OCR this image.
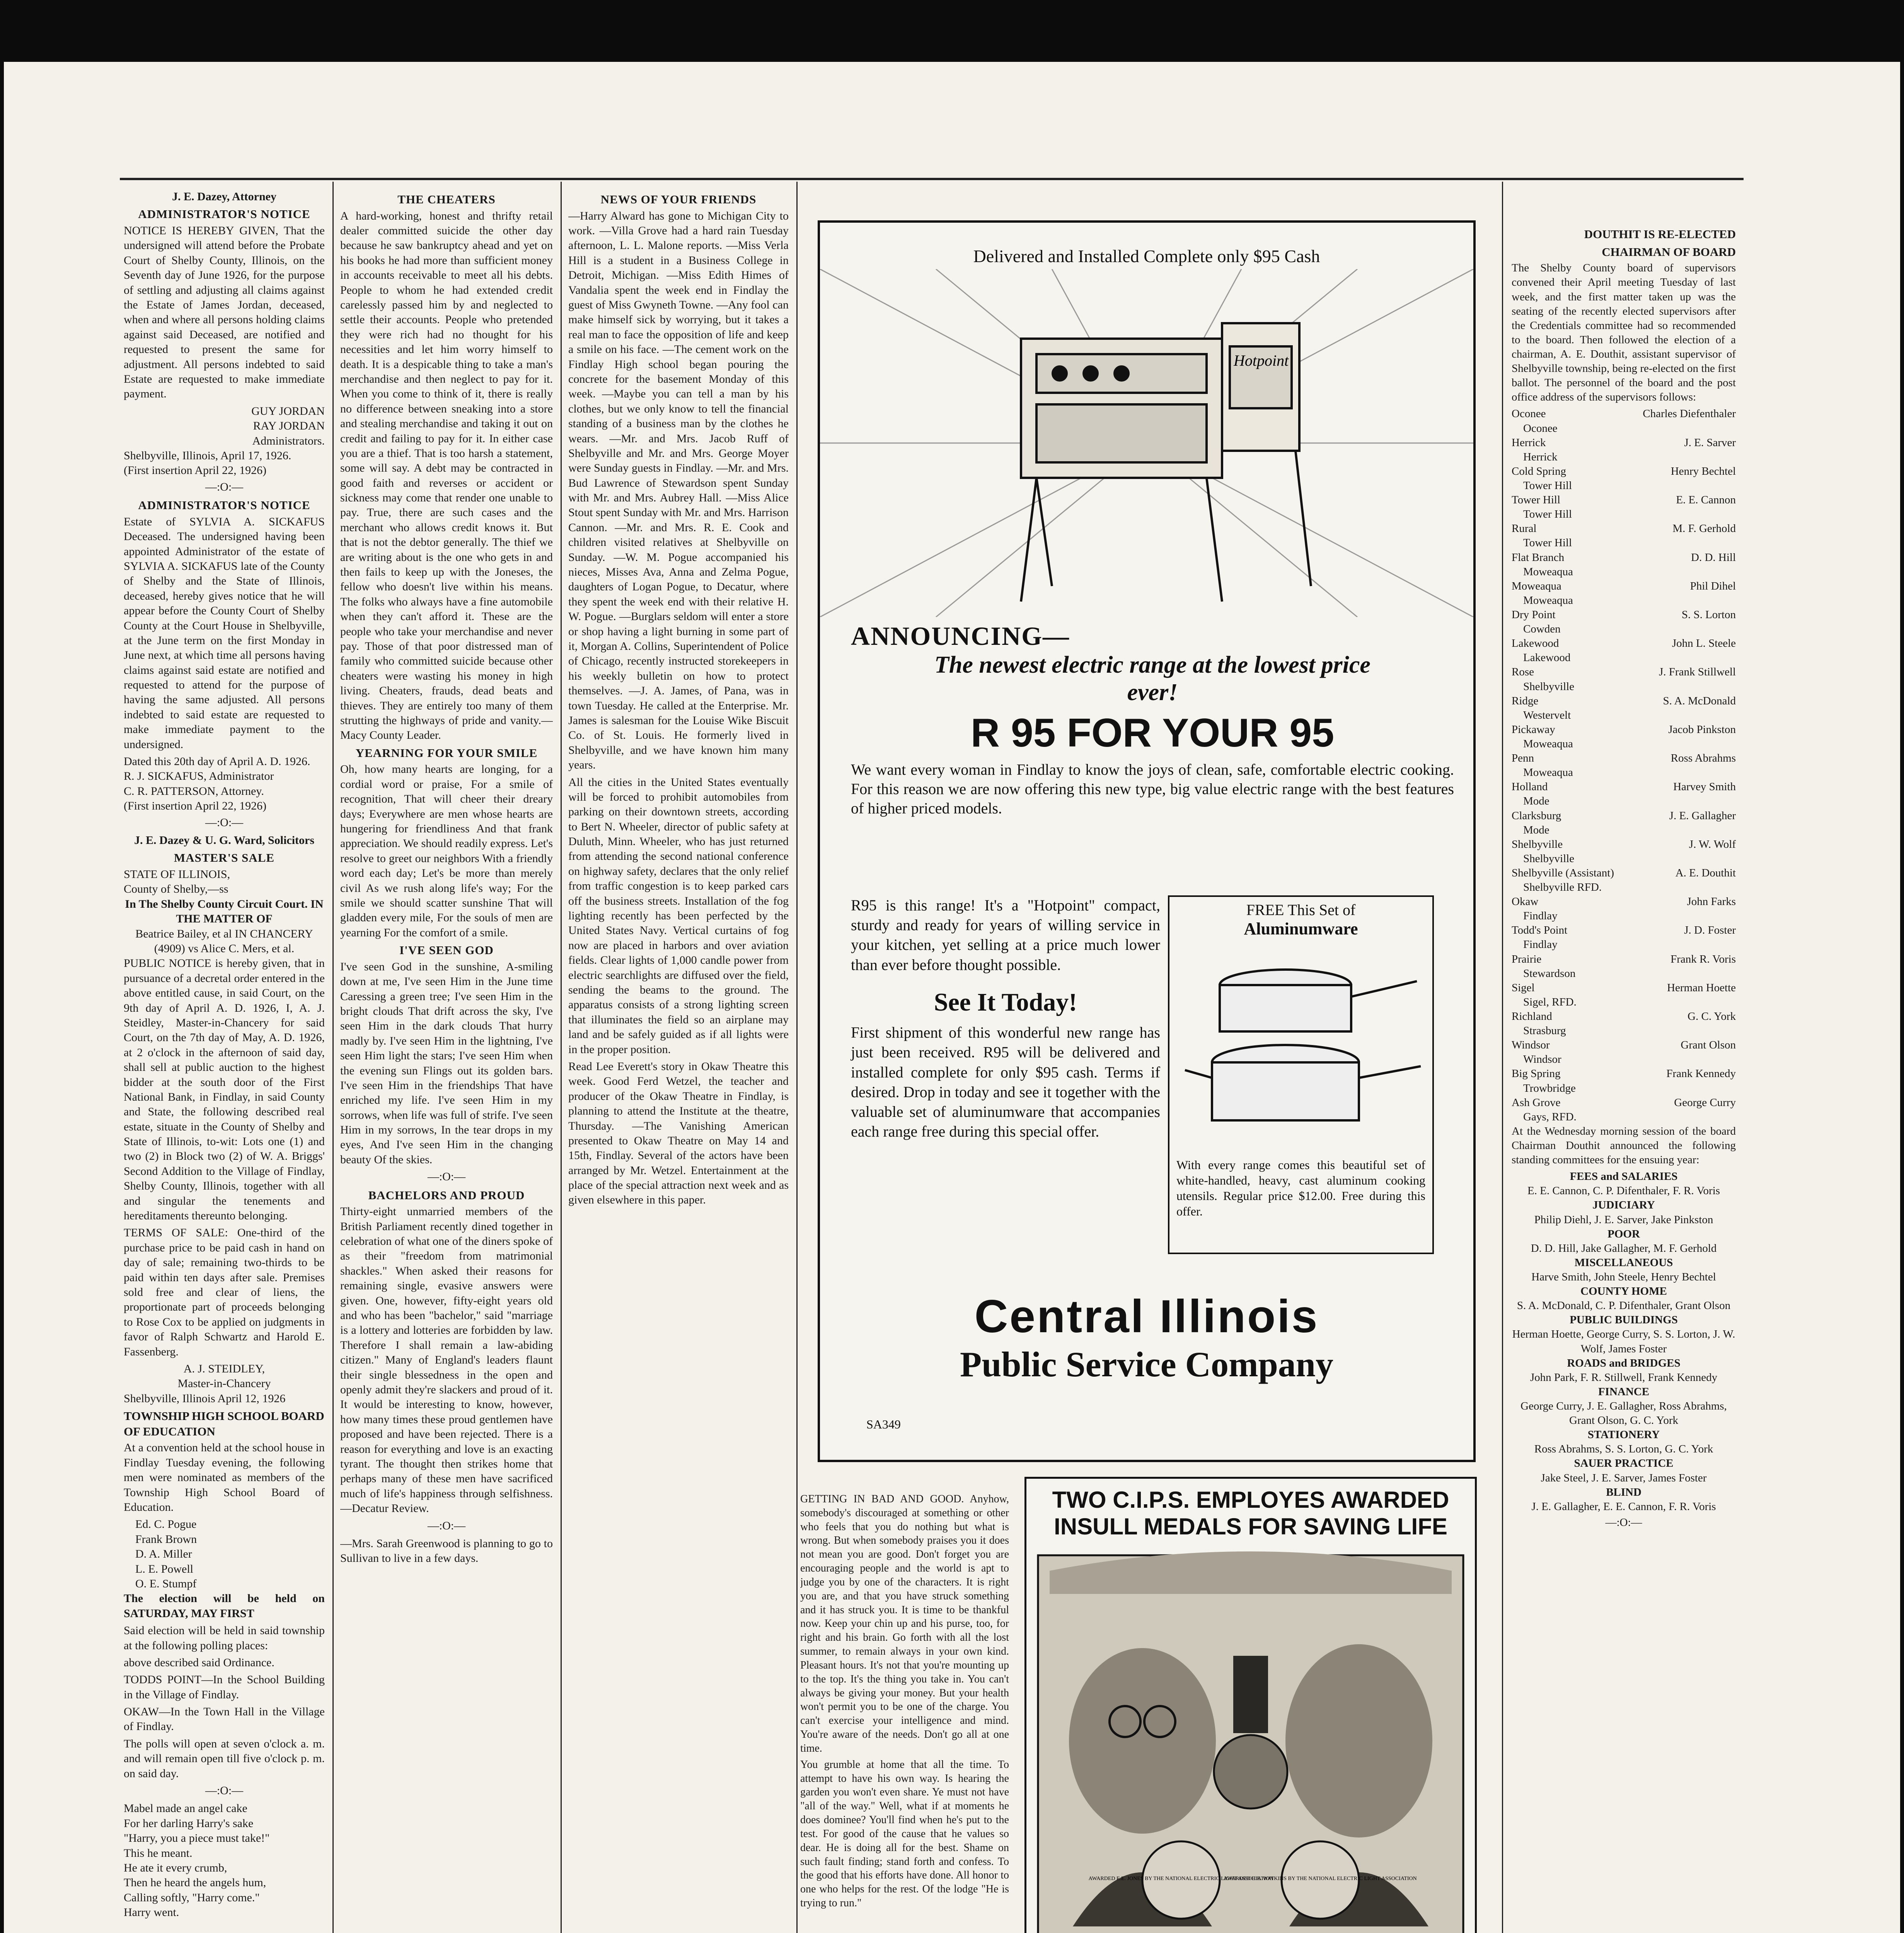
J. E. Dazey, Attorney
ADMINISTRATOR'S NOTICE

NOTICE IS HEREBY GIVEN, That the undersigned will attend before the Probate Court of Shelby County, Illinois, on the Seventh day of June 1926, for the purpose of settling and adjusting all claims against the Estate of James Jordan, deceased, when and where all persons holding claims against said Deceased, are notified and requested to present the same for adjustment. All persons indebted to said Estate are requested to make immediate payment.

GUY JORDAN
RAY JORDAN
Administrators.
Shelbyville, Illinois, April 17, 1926.
(First insertion April 22, 1926)
—:O:—
ADMINISTRATOR'S NOTICE

Estate of SYLVIA A. SICKAFUS Deceased. The undersigned having been appointed Administrator of the estate of SYLVIA A. SICKAFUS late of the County of Shelby and the State of Illinois, deceased, hereby gives notice that he will appear before the County Court of Shelby County at the Court House in Shelbyville, at the June term on the first Monday in June next, at which time all persons having claims against said estate are notified and requested to attend for the purpose of having the same adjusted. All persons indebted to said estate are requested to make immediate payment to the undersigned.

Dated this 20th day of April A. D. 1926.
R. J. SICKAFUS, Administrator
C. R. PATTERSON, Attorney.
(First insertion April 22, 1926)
—:O:—
J. E. Dazey & U. G. Ward, Solicitors
MASTER'S SALE
STATE OF ILLINOIS,
County of Shelby,—ss
In The Shelby County Circuit Court. IN THE MATTER OF
Beatrice Bailey, et al IN CHANCERY (4909) vs Alice C. Mers, et al.

PUBLIC NOTICE is hereby given, that in pursuance of a decretal order entered in the above entitled cause, in said Court, on the 9th day of April A. D. 1926, I, A. J. Steidley, Master-in-Chancery for said Court, on the 7th day of May, A. D. 1926, at 2 o'clock in the afternoon of said day, shall sell at public auction to the highest bidder at the south door of the First National Bank, in Findlay, in said County and State, the following described real estate, situate in the County of Shelby and State of Illinois, to-wit: Lots one (1) and two (2) in Block two (2) of W. A. Briggs' Second Addition to the Village of Findlay, Shelby County, Illinois, together with all and singular the tenements and hereditaments thereunto belonging.

TERMS OF SALE: One-third of the purchase price to be paid cash in hand on day of sale; remaining two-thirds to be paid within ten days after sale. Premises sold free and clear of liens, the proportionate part of proceeds belonging to Rose Cox to be applied on judgments in favor of Ralph Schwartz and Harold E. Fassenberg.

A. J. STEIDLEY,
Master-in-Chancery
Shelbyville, Illinois April 12, 1926
TOWNSHIP HIGH SCHOOL BOARD OF EDUCATION

At a convention held at the school house in Findlay Tuesday evening, the following men were nominated as members of the Township High School Board of Education.

Ed. C. Pogue
Frank Brown
D. A. Miller
L. E. Powell
O. E. Stumpf

The election will be held on SATURDAY, MAY FIRST

Said election will be held in said township at the following polling places:

above described said Ordinance.

TODDS POINT—In the School Building in the Village of Findlay.

OKAW—In the Town Hall in the Village of Findlay.

The polls will open at seven o'clock a. m. and will remain open till five o'clock p. m. on said day.

—:O:—
Mabel made an angel cake
For her darling Harry's sake
"Harry, you a piece must take!"
This he meant.
He ate it every crumb,
Then he heard the angels hum,
Calling softly, "Harry come."
Harry went.
THE CHEATERS

A hard-working, honest and thrifty retail dealer committed suicide the other day because he saw bankruptcy ahead and yet on his books he had more than sufficient money in accounts receivable to meet all his debts. People to whom he had extended credit carelessly passed him by and neglected to settle their accounts. People who pretended they were rich had no thought for his necessities and let him worry himself to death. It is a despicable thing to take a man's merchandise and then neglect to pay for it. When you come to think of it, there is really no difference between sneaking into a store and stealing merchandise and taking it out on credit and failing to pay for it. In either case you are a thief. That is too harsh a statement, some will say. A debt may be contracted in good faith and reverses or accident or sickness may come that render one unable to pay. True, there are such cases and the merchant who allows credit knows it. But that is not the debtor generally. The thief we are writing about is the one who gets in and then fails to keep up with the Joneses, the fellow who doesn't live within his means. The folks who always have a fine automobile when they can't afford it. These are the people who take your merchandise and never pay. Those of that poor distressed man of family who committed suicide because other cheaters were wasting his money in high living. Cheaters, frauds, dead beats and thieves. They are entirely too many of them strutting the highways of pride and vanity.—Macy County Leader.

YEARNING FOR YOUR SMILE

Oh, how many hearts are longing, for a cordial word or praise, For a smile of recognition, That will cheer their dreary days; Everywhere are men whose hearts are hungering for friendliness And that frank appreciation. We should readily express. Let's resolve to greet our neighbors With a friendly word each day; Let's be more than merely civil As we rush along life's way; For the smile we should scatter sunshine That will gladden every mile, For the souls of men are yearning For the comfort of a smile.

I'VE SEEN GOD

I've seen God in the sunshine, A-smiling down at me, I've seen Him in the June time Caressing a green tree; I've seen Him in the bright clouds That drift across the sky, I've seen Him in the dark clouds That hurry madly by. I've seen Him in the lightning, I've seen Him light the stars; I've seen Him when the evening sun Flings out its golden bars. I've seen Him in the friendships That have enriched my life. I've seen Him in my sorrows, when life was full of strife. I've seen Him in my sorrows, In the tear drops in my eyes, And I've seen Him in the changing beauty Of the skies.

—:O:—
BACHELORS AND PROUD

Thirty-eight unmarried members of the British Parliament recently dined together in celebration of what one of the diners spoke of as their "freedom from matrimonial shackles." When asked their reasons for remaining single, evasive answers were given. One, however, fifty-eight years old and who has been "bachelor," said "marriage is a lottery and lotteries are forbidden by law. Therefore I shall remain a law-abiding citizen." Many of England's leaders flaunt their single blessedness in the open and openly admit they're slackers and proud of it. It would be interesting to know, however, how many times these proud gentlemen have proposed and have been rejected. There is a reason for everything and love is an exacting tyrant. The thought then strikes home that perhaps many of these men have sacrificed much of life's happiness through selfishness.—Decatur Review.

—:O:—

—Mrs. Sarah Greenwood is planning to go to Sullivan to live in a few days.

NEWS OF YOUR FRIENDS

—Harry Alward has gone to Michigan City to work. —Villa Grove had a hard rain Tuesday afternoon, L. L. Malone reports. —Miss Verla Hill is a student in a Business College in Detroit, Michigan. —Miss Edith Himes of Vandalia spent the week end in Findlay the guest of Miss Gwyneth Towne. —Any fool can make himself sick by worrying, but it takes a real man to face the opposition of life and keep a smile on his face. —The cement work on the Findlay High school began pouring the concrete for the basement Monday of this week. —Maybe you can tell a man by his clothes, but we only know to tell the financial standing of a business man by the clothes he wears. —Mr. and Mrs. Jacob Ruff of Shelbyville and Mr. and Mrs. George Moyer were Sunday guests in Findlay. —Mr. and Mrs. Bud Lawrence of Stewardson spent Sunday with Mr. and Mrs. Aubrey Hall. —Miss Alice Stout spent Sunday with Mr. and Mrs. Harrison Cannon. —Mr. and Mrs. R. E. Cook and children visited relatives at Shelbyville on Sunday. —W. M. Pogue accompanied his nieces, Misses Ava, Anna and Zelma Pogue, daughters of Logan Pogue, to Decatur, where they spent the week end with their relative H. W. Pogue. —Burglars seldom will enter a store or shop having a light burning in some part of it, Morgan A. Collins, Superintendent of Police of Chicago, recently instructed storekeepers in his weekly bulletin on how to protect themselves. —J. A. James, of Pana, was in town Tuesday. He called at the Enterprise. Mr. James is salesman for the Louise Wike Biscuit Co. of St. Louis. He formerly lived in Shelbyville, and we have known him many years.

All the cities in the United States eventually will be forced to prohibit automobiles from parking on their downtown streets, according to Bert N. Wheeler, director of public safety at Duluth, Minn. Wheeler, who has just returned from attending the second national conference on highway safety, declares that the only relief from traffic congestion is to keep parked cars off the business streets. Installation of the fog lighting recently has been perfected by the United States Navy. Vertical curtains of fog now are placed in harbors and over aviation fields. Clear lights of 1,000 candle power from electric searchlights are diffused over the field, sending the beams to the ground. The apparatus consists of a strong lighting screen that illuminates the field so an airplane may land and be safely guided as if all lights were in the proper position.

Read Lee Everett's story in Okaw Theatre this week. Good Ferd Wetzel, the teacher and producer of the Okaw Theatre in Findlay, is planning to attend the Institute at the theatre, Thursday. —The Vanishing American presented to Okaw Theatre on May 14 and 15th, Findlay. Several of the actors have been arranged by Mr. Wetzel. Entertainment at the place of the special attraction next week and as given elsewhere in this paper.

Delivered and Installed Complete only $95 Cash
Hotpoint
ANNOUNCING—
The newest electric range at the lowest price
ever!
R 95 FOR YOUR 95

We want every woman in Findlay to know the joys of clean, safe, comfortable electric cooking. For this reason we are now offering this new type, big value electric range with the best features of higher priced models.

R95 is this range! It's a "Hotpoint" compact, sturdy and ready for years of willing service in your kitchen, yet selling at a price much lower than ever before thought possible.

See It Today!

First shipment of this wonderful new range has just been received. R95 will be delivered and installed complete for only $95 cash. Terms if desired. Drop in today and see it together with the valuable set of aluminumware that accompanies each range free during this special offer.

FREE This Set of
Aluminumware

With every range comes this beautiful set of white-handled, heavy, cast aluminum cooking utensils. Regular price $12.00. Free during this offer.

Central Illinois
Public Service Company
SA349

GETTING IN BAD AND GOOD. Anyhow, somebody's discouraged at something or other who feels that you do nothing but what is wrong. But when somebody praises you it does not mean you are good. Don't forget you are encouraging people and the world is apt to judge you by one of the characters. It is right you are, and that you have struck something and it has struck you. It is time to be thankful now. Keep your chin up and his purse, too, for right and his brain. Go forth with all the lost summer, to remain always in your own kind. Pleasant hours. It's not that you're mounting up to the top. It's the thing you take in. You can't always be giving your money. But your health won't permit you to be one of the charge. You can't exercise your intelligence and mind. You're aware of the needs. Don't go all at one time.

You grumble at home that all the time. To attempt to have his own way. Is hearing the garden you won't even share. Ye must not have "all of the way." Well, what if at moments he does dominee? You'll find when he's put to the test. For good of the cause that he values so dear. He is doing all for the best. Shame on such fault finding; stand forth and confess. To the good that his efforts have done. All honor to one who helps for the rest. Of the lodge "He is trying to run."

TWO C.I.P.S. EMPLOYES AWARDED
INSULL MEDALS FOR SAVING LIFE
AWARDED E.E. JONES BY THE NATIONAL ELECTRIC LIGHT ASSOCIATION
AWARDED H.E. WATKINS BY THE NATIONAL ELECTRIC LIGHT ASSOCIATION

DOUTHIT IS RE-ELECTED
CHAIRMAN OF BOARD

The Shelby County board of supervisors convened their April meeting Tuesday of last week, and the first matter taken up was the seating of the recently elected supervisors after the Credentials committee had so recommended to the board. Then followed the election of a chairman, A. E. Douthit, assistant supervisor of Shelbyville township, being re-elected on the first ballot. The personnel of the board and the post office address of the supervisors follows:

Oconee	Charles Diefenthaler
Oconee
Herrick	J. E. Sarver
Herrick
Cold Spring	Henry Bechtel
Tower Hill
Tower Hill	E. E. Cannon
Tower Hill
Rural	M. F. Gerhold
Tower Hill
Flat Branch	D. D. Hill
Moweaqua
Moweaqua	Phil Dihel
Moweaqua
Dry Point	S. S. Lorton
Cowden
Lakewood	John L. Steele
Lakewood
Rose	J. Frank Stillwell
Shelbyville
Ridge	S. A. McDonald
Westervelt
Pickaway	Jacob Pinkston
Moweaqua
Penn	Ross Abrahms
Moweaqua
Holland	Harvey Smith
Mode
Clarksburg	J. E. Gallagher
Mode
Shelbyville	J. W. Wolf
Shelbyville
Shelbyville (Assistant)	A. E. Douthit
Shelbyville RFD.
Okaw	John Farks
Findlay
Todd's Point	J. D. Foster
Findlay
Prairie	Frank R. Voris
Stewardson
Sigel	Herman Hoette
Sigel, RFD.
Richland	G. C. York
Strasburg
Windsor	Grant Olson
Windsor
Big Spring	Frank Kennedy
Trowbridge
Ash Grove	George Curry
Gays, RFD.

At the Wednesday morning session of the board Chairman Douthit announced the following standing committees for the ensuing year:

FEES and SALARIES
E. E. Cannon, C. P. Difenthaler, F. R. Voris
JUDICIARY
Philip Diehl, J. E. Sarver, Jake Pinkston
POOR
D. D. Hill, Jake Gallagher, M. F. Gerhold
MISCELLANEOUS
Harve Smith, John Steele, Henry Bechtel
COUNTY HOME
S. A. McDonald, C. P. Difenthaler, Grant Olson
PUBLIC BUILDINGS
Herman Hoette, George Curry, S. S. Lorton, J. W. Wolf, James Foster
ROADS and BRIDGES
John Park, F. R. Stillwell, Frank Kennedy
FINANCE
George Curry, J. E. Gallagher, Ross Abrahms, Grant Olson, G. C. York
STATIONERY
Ross Abrahms, S. S. Lorton, G. C. York
SAUER PRACTICE
Jake Steel, J. E. Sarver, James Foster
BLIND
J. E. Gallagher, E. E. Cannon, F. R. Voris
—:O:—
